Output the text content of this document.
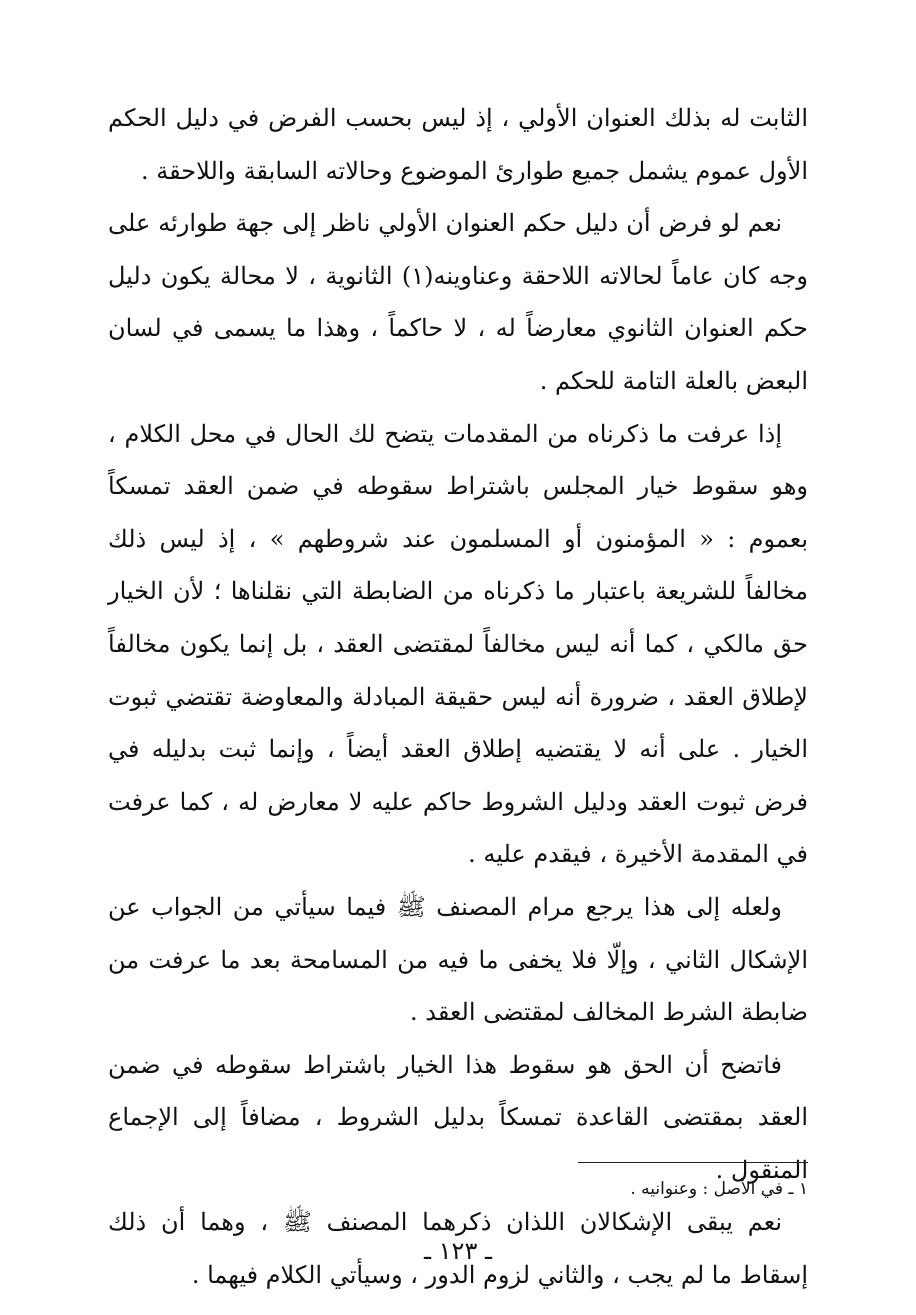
الثابت له بذلك العنوان الأولي ، إذ ليس بحسب الفرض في دليل الحكم الأول عموم يشمل جميع طوارئ الموضوع وحالاته السابقة واللاحقة .

نعم لو فرض أن دليل حكم العنوان الأولي ناظر إلى جهة طوارئه على وجه كان عاماً لحالاته اللاحقة وعناوينه(١) الثانوية ، لا محالة يكون دليل حكم العنوان الثانوي معارضاً له ، لا حاكماً ، وهذا ما يسمى في لسان البعض بالعلة التامة للحكم .

إذا عرفت ما ذكرناه من المقدمات يتضح لك الحال في محل الكلام ، وهو سقوط خيار المجلس باشتراط سقوطه في ضمن العقد تمسكاً بعموم : « المؤمنون أو المسلمون عند شروطهم » ، إذ ليس ذلك مخالفاً للشريعة باعتبار ما ذكرناه من الضابطة التي نقلناها ؛ لأن الخيار حق مالكي ، كما أنه ليس مخالفاً لمقتضى العقد ، بل إنما يكون مخالفاً لإطلاق العقد ، ضرورة أنه ليس حقيقة المبادلة والمعاوضة تقتضي ثبوت الخيار . على أنه لا يقتضيه إطلاق العقد أيضاً ، وإنما ثبت بدليله في فرض ثبوت العقد ودليل الشروط حاكم عليه لا معارض له ، كما عرفت في المقدمة الأخيرة ، فيقدم عليه .

ولعله إلى هذا يرجع مرام المصنف ﷺ فيما سيأتي من الجواب عن الإشكال الثاني ، وإلّا فلا يخفى ما فيه من المسامحة بعد ما عرفت من ضابطة الشرط المخالف لمقتضى العقد .

فاتضح أن الحق هو سقوط هذا الخيار باشتراط سقوطه في ضمن العقد بمقتضى القاعدة تمسكاً بدليل الشروط ، مضافاً إلى الإجماع المنقول .

نعم يبقى الإشكالان اللذان ذكرهما المصنف ﷺ ، وهما أن ذلك إسقاط ما لم يجب ، والثاني لزوم الدور ، وسيأتي الكلام فيهما .

١ ـ في الأصل : وعنوانيه .
ـ ١٢٣ ـ
